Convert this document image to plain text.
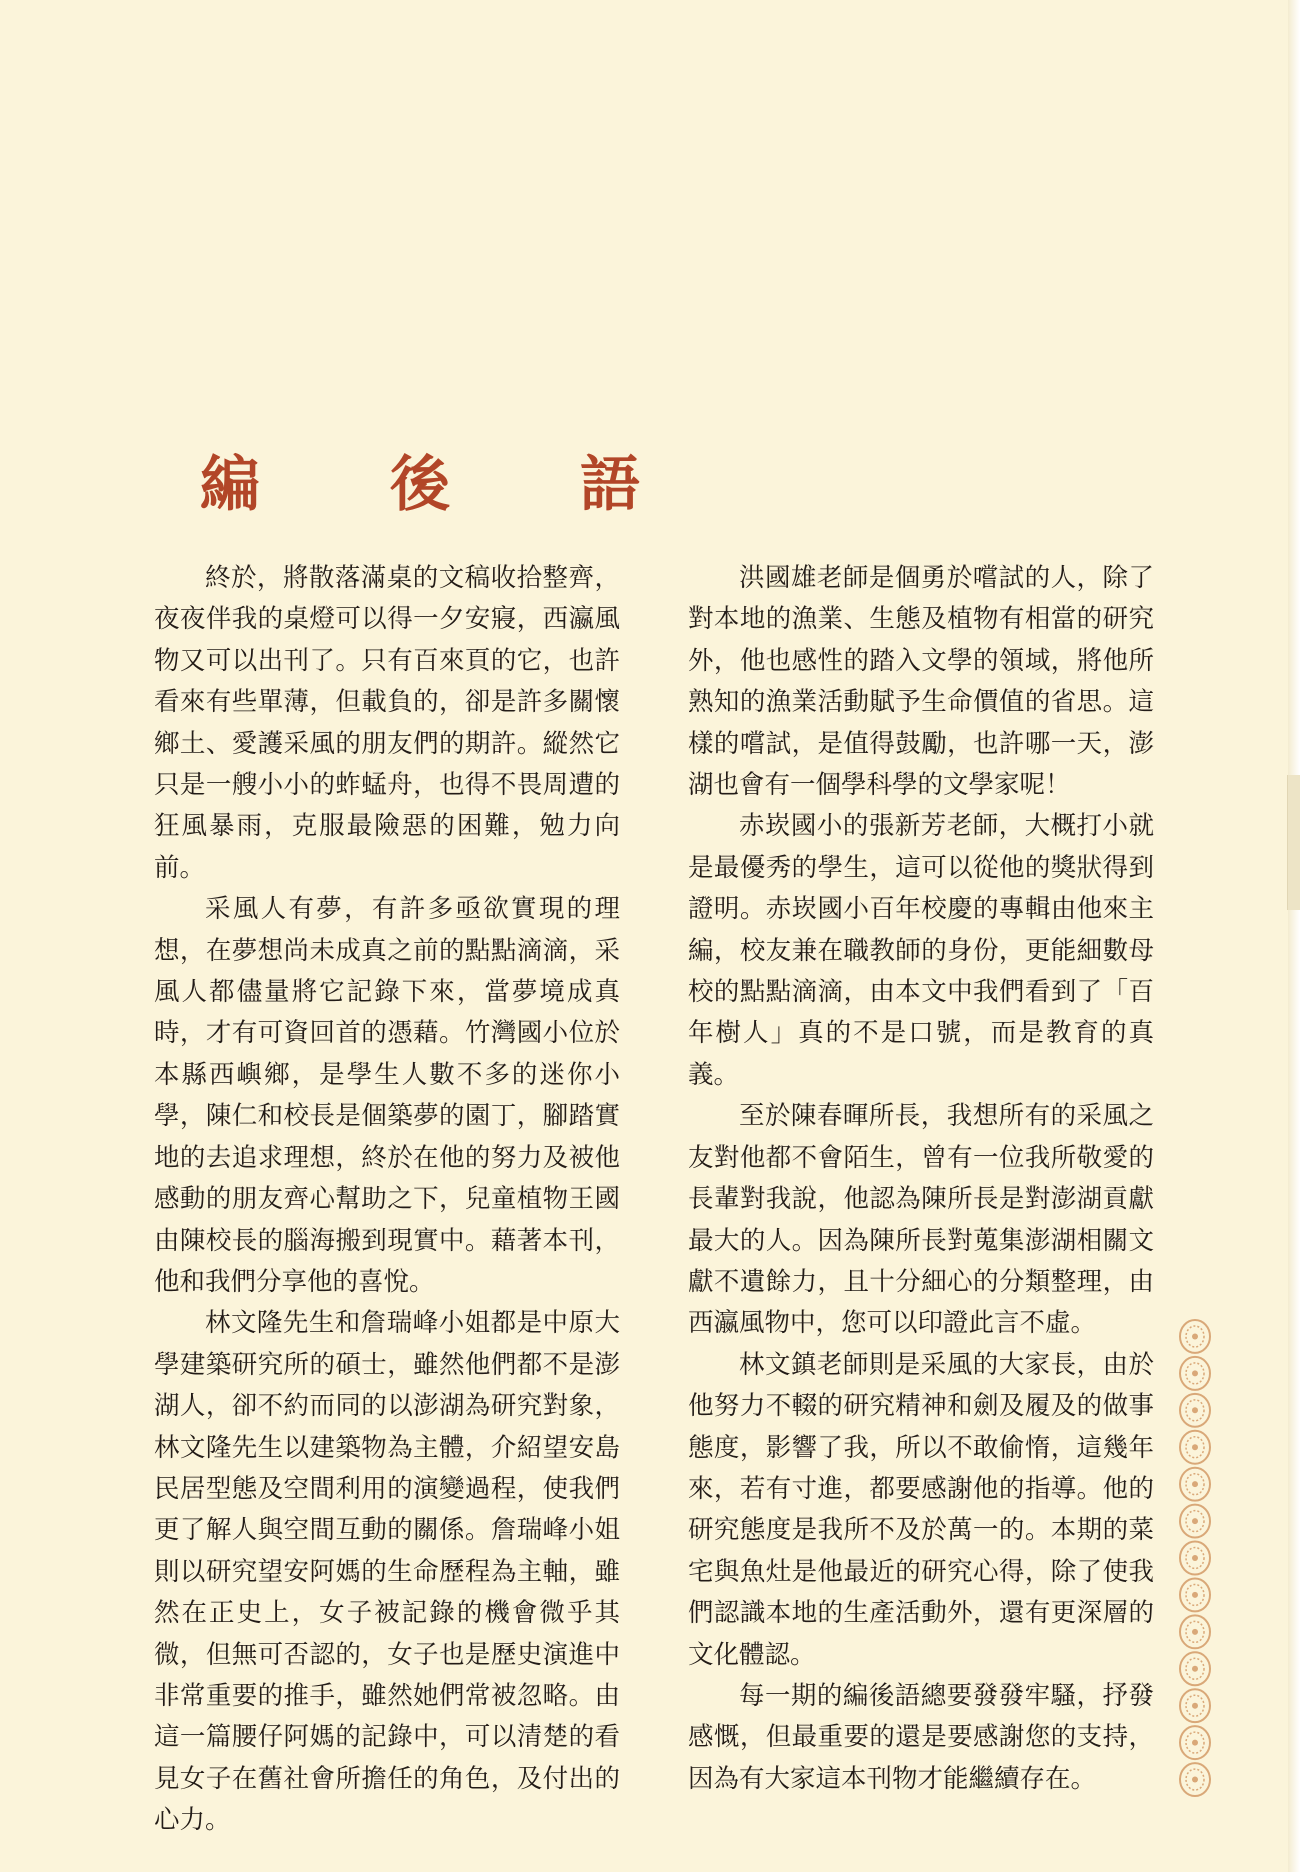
編 後 語

終於，將散落滿桌的文稿收拾整齊，夜夜伴我的桌燈可以得一夕安寢，西瀛風物又可以出刊了。只有百來頁的它，也許看來有些單薄，但載負的，卻是許多關懷鄉土、愛護采風的朋友們的期許。縱然它只是一艘小小的蚱蜢舟，也得不畏周遭的狂風暴雨，克服最險惡的困難，勉力向前。

采風人有夢，有許多亟欲實現的理想，在夢想尚未成真之前的點點滴滴，采風人都儘量將它記錄下來，當夢境成真時，才有可資回首的憑藉。竹灣國小位於本縣西嶼鄉，是學生人數不多的迷你小學，陳仁和校長是個築夢的園丁，腳踏實地的去追求理想，終於在他的努力及被他感動的朋友齊心幫助之下，兒童植物王國由陳校長的腦海搬到現實中。藉著本刊，他和我們分享他的喜悅。

林文隆先生和詹瑞峰小姐都是中原大學建築研究所的碩士，雖然他們都不是澎湖人，卻不約而同的以澎湖為研究對象，林文隆先生以建築物為主體，介紹望安島民居型態及空間利用的演變過程，使我們更了解人與空間互動的關係。詹瑞峰小姐則以研究望安阿媽的生命歷程為主軸，雖然在正史上，女子被記錄的機會微乎其微，但無可否認的，女子也是歷史演進中非常重要的推手，雖然她們常被忽略。由這一篇腰仔阿媽的記錄中，可以清楚的看見女子在舊社會所擔任的角色，及付出的心力。

洪國雄老師是個勇於嚐試的人，除了對本地的漁業、生態及植物有相當的研究外，他也感性的踏入文學的領域，將他所熟知的漁業活動賦予生命價值的省思。這樣的嚐試，是值得鼓勵，也許哪一天，澎湖也會有一個學科學的文學家呢！

赤崁國小的張新芳老師，大概打小就是最優秀的學生，這可以從他的獎狀得到證明。赤崁國小百年校慶的專輯由他來主編，校友兼在職教師的身份，更能細數母校的點點滴滴，由本文中我們看到了「百年樹人」真的不是口號，而是教育的真義。

至於陳春暉所長，我想所有的采風之友對他都不會陌生，曾有一位我所敬愛的長輩對我說，他認為陳所長是對澎湖貢獻最大的人。因為陳所長對蒐集澎湖相關文獻不遺餘力，且十分細心的分類整理，由西瀛風物中，您可以印證此言不虛。

林文鎮老師則是采風的大家長，由於他努力不輟的研究精神和劍及履及的做事態度，影響了我，所以不敢偷惰，這幾年來，若有寸進，都要感謝他的指導。他的研究態度是我所不及於萬一的。本期的菜宅與魚灶是他最近的研究心得，除了使我們認識本地的生產活動外，還有更深層的文化體認。

每一期的編後語總要發發牢騷，抒發感慨，但最重要的還是要感謝您的支持，因為有大家這本刊物才能繼續存在。
